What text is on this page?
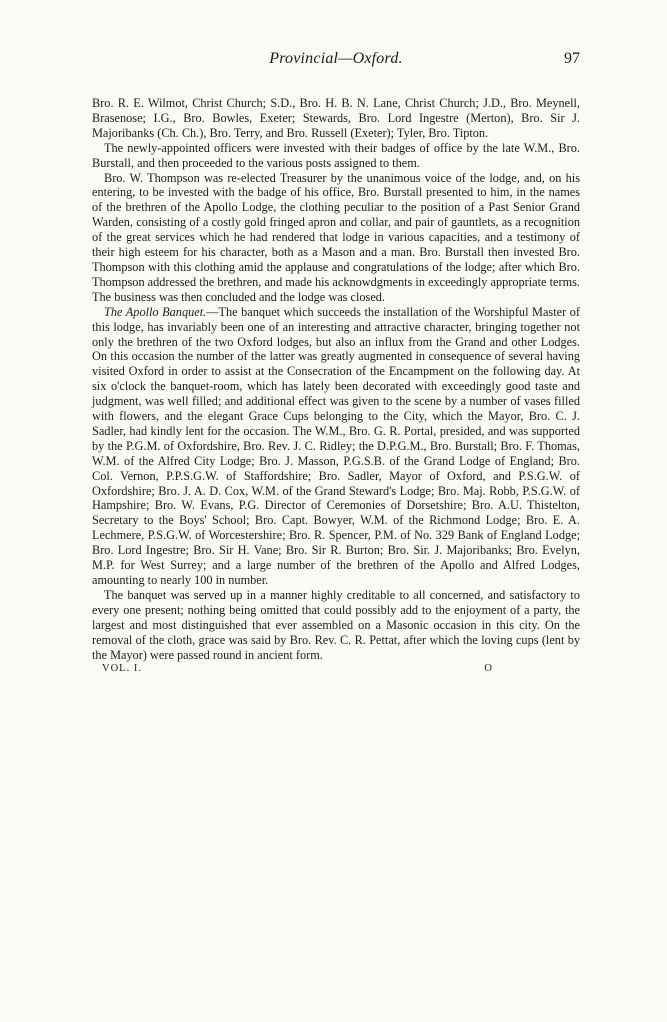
Provincial—Oxford.	97

Bro. R. E. Wilmot, Christ Church; S.D., Bro. H. B. N. Lane, Christ Church; J.D., Bro. Meynell, Brasenose; I.G., Bro. Bowles, Exeter; Stewards, Bro. Lord Ingestre (Merton), Bro. Sir J. Majoribanks (Ch. Ch.), Bro. Terry, and Bro. Russell (Exeter); Tyler, Bro. Tipton.

The newly-appointed officers were invested with their badges of office by the late W.M., Bro. Burstall, and then proceeded to the various posts assigned to them.

Bro. W. Thompson was re-elected Treasurer by the unanimous voice of the lodge, and, on his entering, to be invested with the badge of his office, Bro. Burstall presented to him, in the names of the brethren of the Apollo Lodge, the clothing peculiar to the position of a Past Senior Grand Warden, consisting of a costly gold fringed apron and collar, and pair of gauntlets, as a recognition of the great services which he had rendered that lodge in various capacities, and a testimony of their high esteem for his character, both as a Mason and a man. Bro. Burstall then invested Bro. Thompson with this clothing amid the applause and congratulations of the lodge; after which Bro. Thompson addressed the brethren, and made his acknowdgments in exceedingly appropriate terms. The business was then concluded and the lodge was closed.

The Apollo Banquet.—The banquet which succeeds the installation of the Worshipful Master of this lodge, has invariably been one of an interesting and attractive character, bringing together not only the brethren of the two Oxford lodges, but also an influx from the Grand and other Lodges. On this occasion the number of the latter was greatly augmented in consequence of several having visited Oxford in order to assist at the Consecration of the Encampment on the following day. At six o'clock the banquet-room, which has lately been decorated with exceedingly good taste and judgment, was well filled; and additional effect was given to the scene by a number of vases filled with flowers, and the elegant Grace Cups belonging to the City, which the Mayor, Bro. C. J. Sadler, had kindly lent for the occasion. The W.M., Bro. G. R. Portal, presided, and was supported by the P.G.M. of Oxfordshire, Bro. Rev. J. C. Ridley; the D.P.G.M., Bro. Burstall; Bro. F. Thomas, W.M. of the Alfred City Lodge; Bro. J. Masson, P.G.S.B. of the Grand Lodge of England; Bro. Col. Vernon, P.P.S.G.W. of Staffordshire; Bro. Sadler, Mayor of Oxford, and P.S.G.W. of Oxfordshire; Bro. J. A. D. Cox, W.M. of the Grand Steward's Lodge; Bro. Maj. Robb, P.S.G.W. of Hampshire; Bro. W. Evans, P.G. Director of Ceremonies of Dorsetshire; Bro. A.U. Thistelton, Secretary to the Boys' School; Bro. Capt. Bowyer, W.M. of the Richmond Lodge; Bro. E. A. Lechmere, P.S.G.W. of Worcestershire; Bro. R. Spencer, P.M. of No. 329 Bank of England Lodge; Bro. Lord Ingestre; Bro. Sir H. Vane; Bro. Sir R. Burton; Bro. Sir. J. Majoribanks; Bro. Evelyn, M.P. for West Surrey; and a large number of the brethren of the Apollo and Alfred Lodges, amounting to nearly 100 in number.

The banquet was served up in a manner highly creditable to all concerned, and satisfactory to every one present; nothing being omitted that could possibly add to the enjoyment of a party, the largest and most distinguished that ever assembled on a Masonic occasion in this city. On the removal of the cloth, grace was said by Bro. Rev. C. R. Pettat, after which the loving cups (lent by the Mayor) were passed round in ancient form.

VOL. I.	O
